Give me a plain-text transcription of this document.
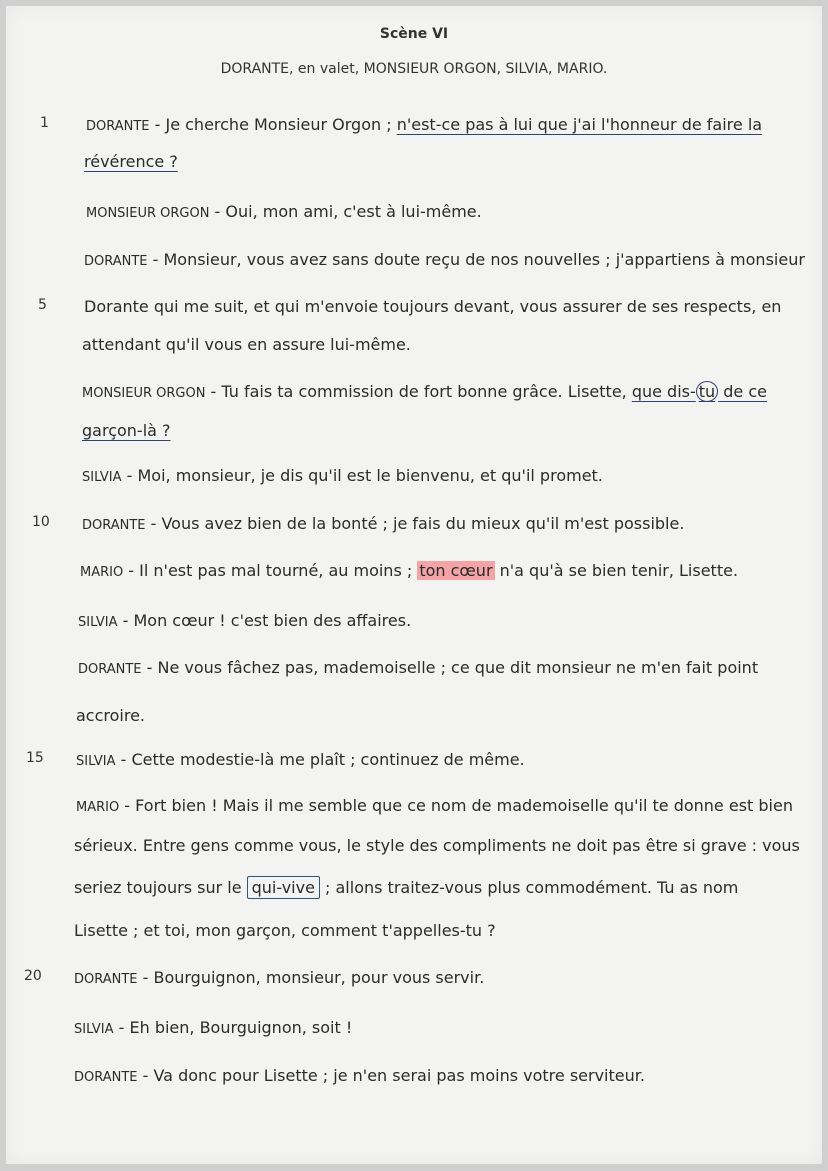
Scène VI
DORANTE, en valet, MONSIEUR ORGON, SILVIA, MARIO.
1
5
10
15
20
DORANTE - Je cherche Monsieur Orgon ; n'est-ce pas à lui que j'ai l'honneur de faire la
révérence ?
MONSIEUR ORGON - Oui, mon ami, c'est à lui-même.
DORANTE - Monsieur, vous avez sans doute reçu de nos nouvelles ; j'appartiens à monsieur
Dorante qui me suit, et qui m'envoie toujours devant, vous assurer de ses respects, en
attendant qu'il vous en assure lui-même.
MONSIEUR ORGON - Tu fais ta commission de fort bonne grâce. Lisette, que dis- tu de ce
garçon-là ?
SILVIA - Moi, monsieur, je dis qu'il est le bienvenu, et qu'il promet.
DORANTE - Vous avez bien de la bonté ; je fais du mieux qu'il m'est possible.
MARIO - Il n'est pas mal tourné, au moins ; ton cœur n'a qu'à se bien tenir, Lisette.
SILVIA - Mon cœur ! c'est bien des affaires.
DORANTE - Ne vous fâchez pas, mademoiselle ; ce que dit monsieur ne m'en fait point
accroire.
SILVIA - Cette modestie-là me plaît ; continuez de même.
MARIO - Fort bien ! Mais il me semble que ce nom de mademoiselle qu'il te donne est bien
sérieux. Entre gens comme vous, le style des compliments ne doit pas être si grave : vous
seriez toujours sur le qui-vive ; allons traitez-vous plus commodément. Tu as nom
Lisette ; et toi, mon garçon, comment t'appelles-tu ?
DORANTE - Bourguignon, monsieur, pour vous servir.
SILVIA - Eh bien, Bourguignon, soit !
DORANTE - Va donc pour Lisette ; je n'en serai pas moins votre serviteur.
